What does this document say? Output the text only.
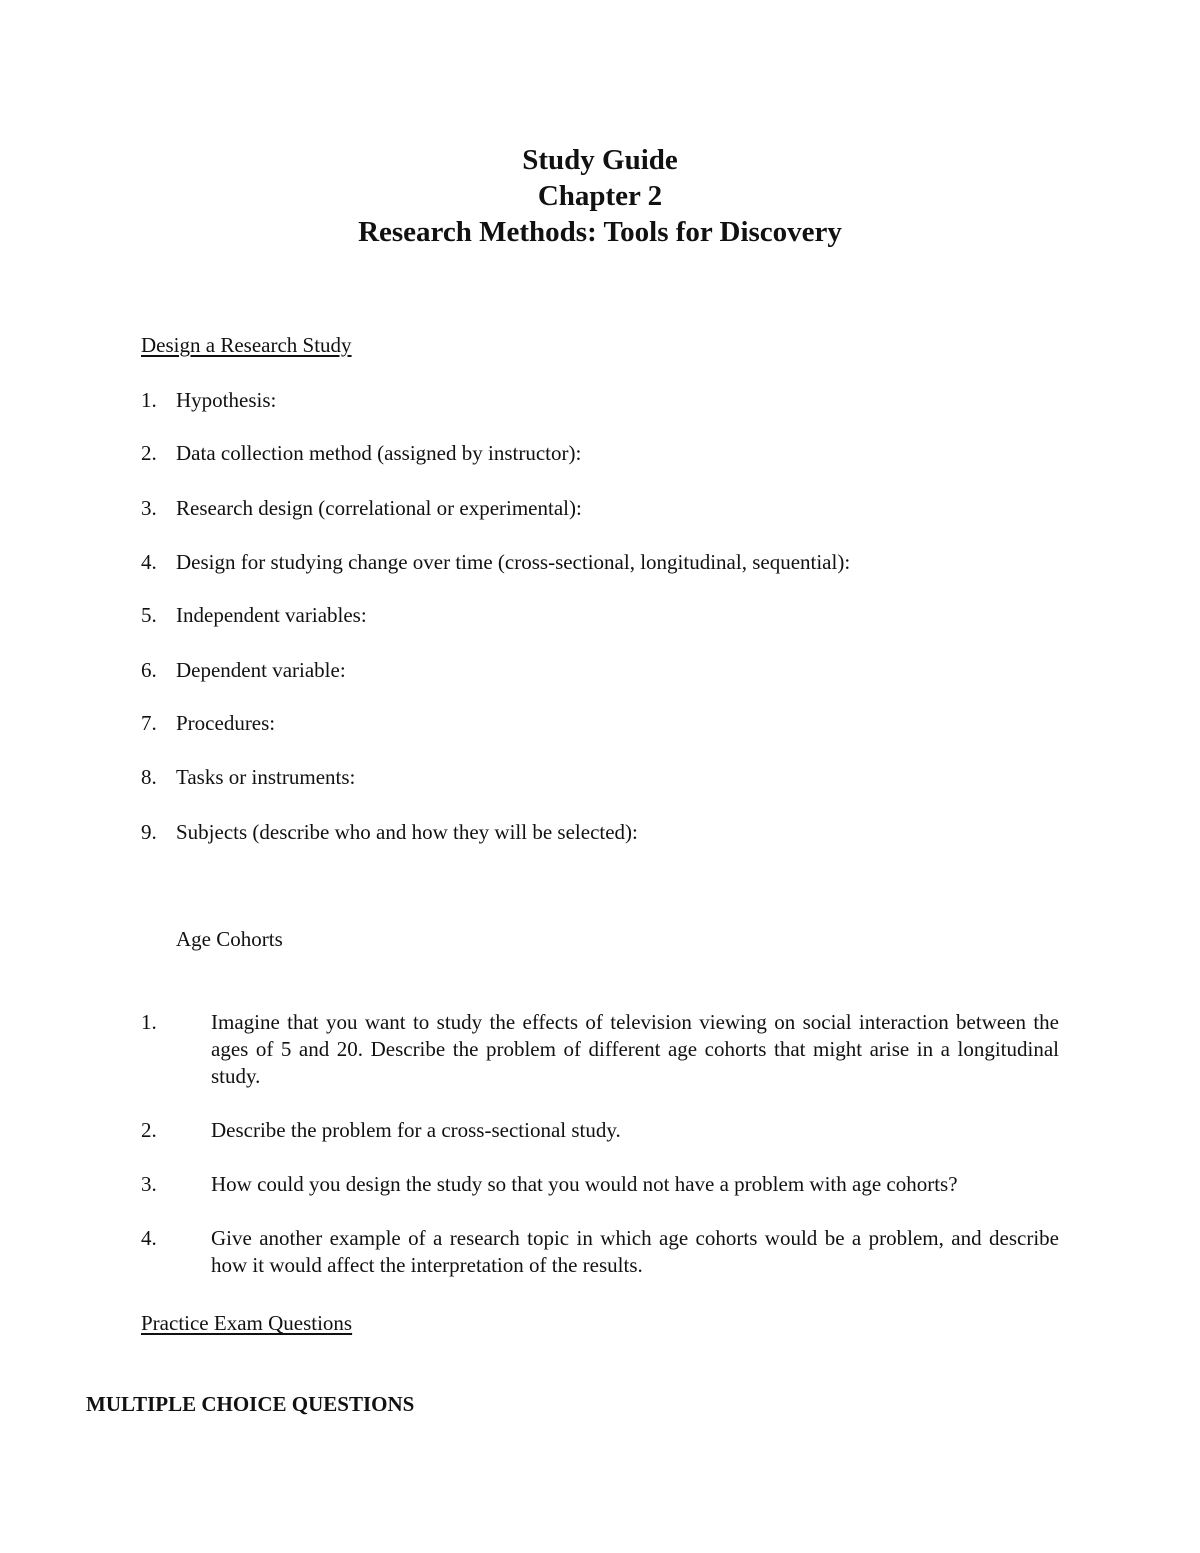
Study Guide
Chapter 2
Research Methods: Tools for Discovery
Design a Research Study
1. Hypothesis:
2. Data collection method (assigned by instructor):
3. Research design (correlational or experimental):
4. Design for studying change over time (cross-sectional, longitudinal, sequential):
5. Independent variables:
6. Dependent variable:
7. Procedures:
8. Tasks or instruments:
9. Subjects (describe who and how they will be selected):
Age Cohorts
1.	Imagine that you want to study the effects of television viewing on social interaction between the ages of 5 and 20. Describe the problem of different age cohorts that might arise in a longitudinal study.
2.	Describe the problem for a cross-sectional study.
3.	How could you design the study so that you would not have a problem with age cohorts?
4.	Give another example of a research topic in which age cohorts would be a problem, and describe how it would affect the interpretation of the results.
Practice Exam Questions
MULTIPLE CHOICE QUESTIONS
